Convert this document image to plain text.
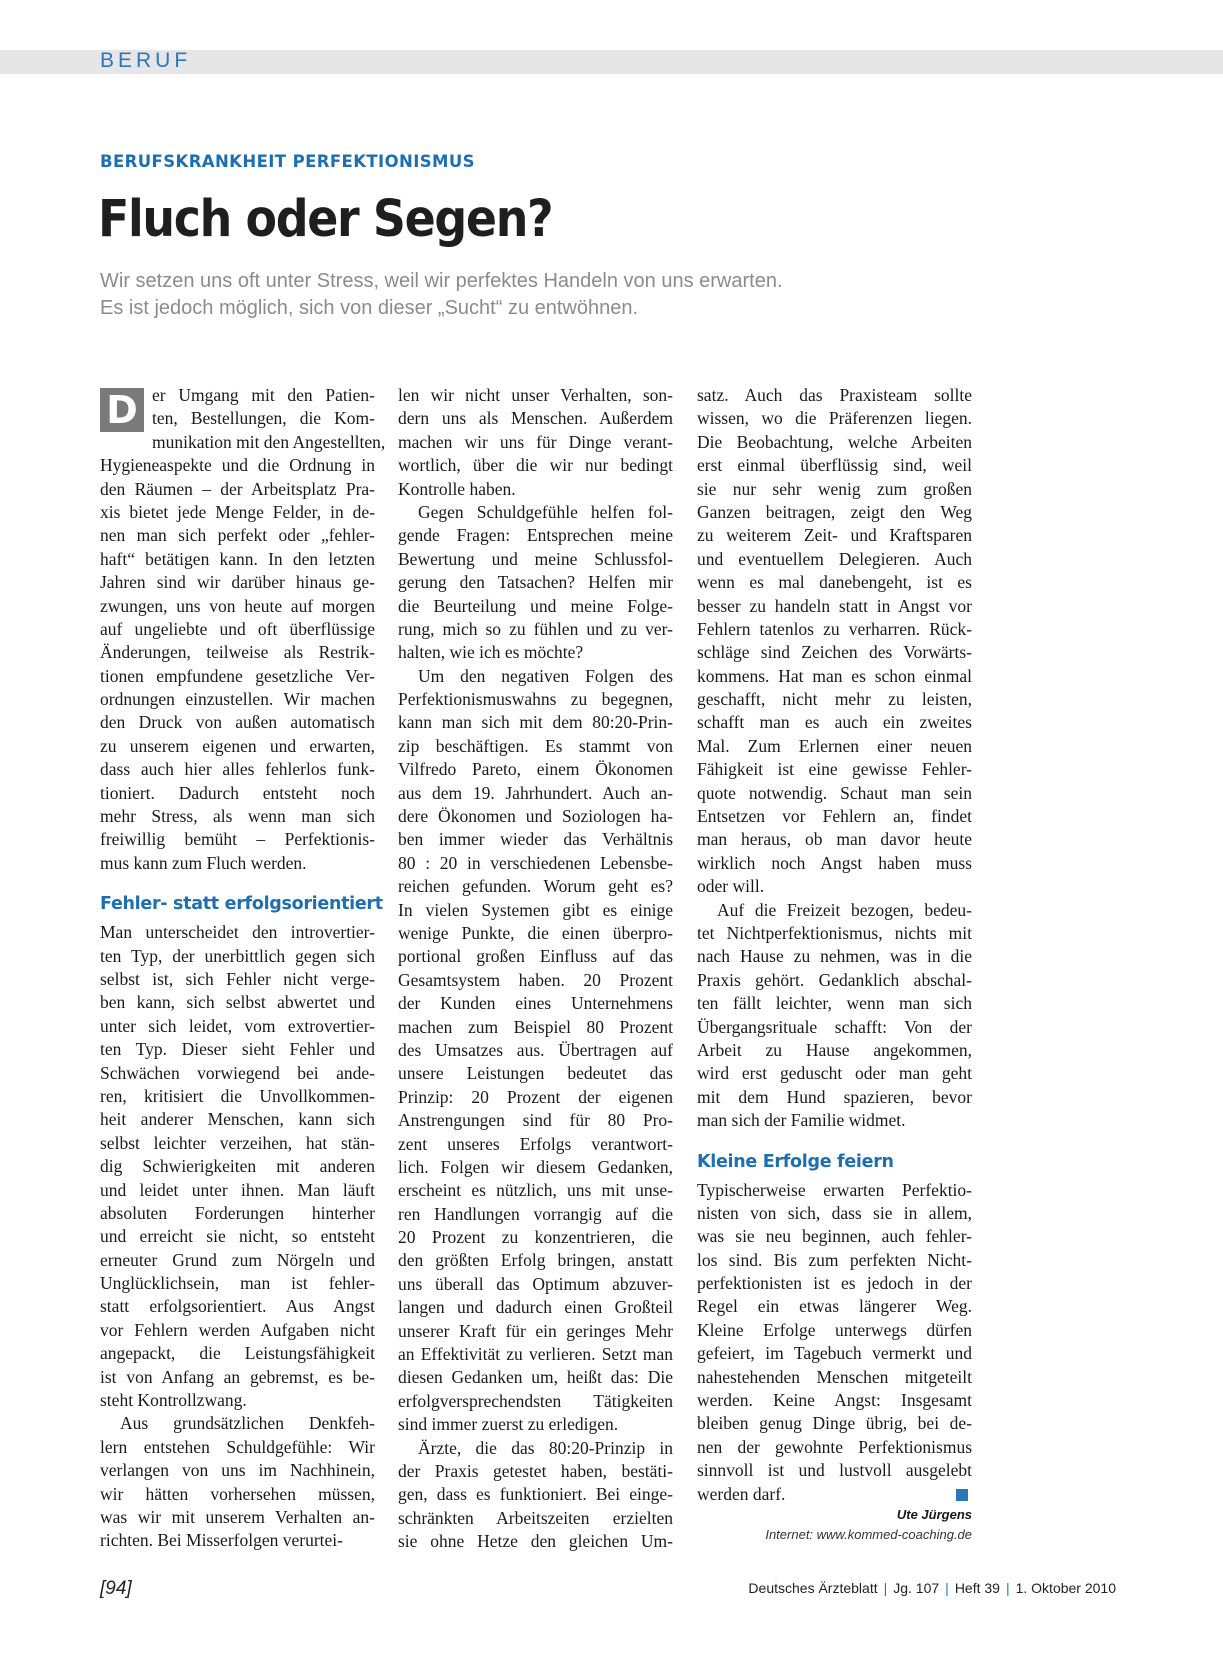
BERUF
BERUFSKRANKHEIT PERFEKTIONISMUS
Fluch oder Segen?
Wir setzen uns oft unter Stress, weil wir perfektes Handeln von uns erwarten.
Es ist jedoch möglich, sich von dieser „Sucht“ zu entwöhnen.
D er Umgang mit den Patien-
ten, Bestellungen, die Kom-
munikation mit den Angestellten,
Hygieneaspekte und die Ordnung in
den Räumen – der Arbeitsplatz Pra-
xis bietet jede Menge Felder, in de-
nen man sich perfekt oder „fehler-
haft“ betätigen kann. In den letzten
Jahren sind wir darüber hinaus ge-
zwungen, uns von heute auf morgen
auf ungeliebte und oft überflüssige
Änderungen, teilweise als Restrik-
tionen empfundene gesetzliche Ver-
ordnungen einzustellen. Wir machen
den Druck von außen automatisch
zu unserem eigenen und erwarten,
dass auch hier alles fehlerlos funk-
tioniert. Dadurch entsteht noch
mehr Stress, als wenn man sich
freiwillig bemüht – Perfektionis-
mus kann zum Fluch werden.
Fehler- statt erfolgsorientiert
Man unterscheidet den introvertier-
ten Typ, der unerbittlich gegen sich
selbst ist, sich Fehler nicht verge-
ben kann, sich selbst abwertet und
unter sich leidet, vom extrovertier-
ten Typ. Dieser sieht Fehler und
Schwächen vorwiegend bei ande-
ren, kritisiert die Unvollkommen-
heit anderer Menschen, kann sich
selbst leichter verzeihen, hat stän-
dig Schwierigkeiten mit anderen
und leidet unter ihnen. Man läuft
absoluten Forderungen hinterher
und erreicht sie nicht, so entsteht
erneuter Grund zum Nörgeln und
Unglücklichsein, man ist fehler-
statt erfolgsorientiert. Aus Angst
vor Fehlern werden Aufgaben nicht
angepackt, die Leistungsfähigkeit
ist von Anfang an gebremst, es be-
steht Kontrollzwang.
Aus grundsätzlichen Denkfeh-
lern entstehen Schuldgefühle: Wir
verlangen von uns im Nachhinein,
wir hätten vorhersehen müssen,
was wir mit unserem Verhalten an-
richten. Bei Misserfolgen verurtei-
len wir nicht unser Verhalten, son-
dern uns als Menschen. Außerdem
machen wir uns für Dinge verant-
wortlich, über die wir nur bedingt
Kontrolle haben.
Gegen Schuldgefühle helfen fol-
gende Fragen: Entsprechen meine
Bewertung und meine Schlussfol-
gerung den Tatsachen? Helfen mir
die Beurteilung und meine Folge-
rung, mich so zu fühlen und zu ver-
halten, wie ich es möchte?
Um den negativen Folgen des
Perfektionismuswahns zu begegnen,
kann man sich mit dem 80:20-Prin-
zip beschäftigen. Es stammt von
Vilfredo Pareto, einem Ökonomen
aus dem 19. Jahrhundert. Auch an-
dere Ökonomen und Soziologen ha-
ben immer wieder das Verhältnis
80 : 20 in verschiedenen Lebensbe-
reichen gefunden. Worum geht es?
In vielen Systemen gibt es einige
wenige Punkte, die einen überpro-
portional großen Einfluss auf das
Gesamtsystem haben. 20 Prozent
der Kunden eines Unternehmens
machen zum Beispiel 80 Prozent
des Umsatzes aus. Übertragen auf
unsere Leistungen bedeutet das
Prinzip: 20 Prozent der eigenen
Anstrengungen sind für 80 Pro-
zent unseres Erfolgs verantwort-
lich. Folgen wir diesem Gedanken,
erscheint es nützlich, uns mit unse-
ren Handlungen vorrangig auf die
20 Prozent zu konzentrieren, die
den größten Erfolg bringen, anstatt
uns überall das Optimum abzuver-
langen und dadurch einen Großteil
unserer Kraft für ein geringes Mehr
an Effektivität zu verlieren. Setzt man
diesen Gedanken um, heißt das: Die
erfolgversprechendsten Tätigkeiten
sind immer zuerst zu erledigen.
Ärzte, die das 80:20-Prinzip in
der Praxis getestet haben, bestäti-
gen, dass es funktioniert. Bei einge-
schränkten Arbeitszeiten erzielten
sie ohne Hetze den gleichen Um-
satz. Auch das Praxisteam sollte
wissen, wo die Präferenzen liegen.
Die Beobachtung, welche Arbeiten
erst einmal überflüssig sind, weil
sie nur sehr wenig zum großen
Ganzen beitragen, zeigt den Weg
zu weiterem Zeit- und Kraftsparen
und eventuellem Delegieren. Auch
wenn es mal danebengeht, ist es
besser zu handeln statt in Angst vor
Fehlern tatenlos zu verharren. Rück-
schläge sind Zeichen des Vorwärts-
kommens. Hat man es schon einmal
geschafft, nicht mehr zu leisten,
schafft man es auch ein zweites
Mal. Zum Erlernen einer neuen
Fähigkeit ist eine gewisse Fehler-
quote notwendig. Schaut man sein
Entsetzen vor Fehlern an, findet
man heraus, ob man davor heute
wirklich noch Angst haben muss
oder will.
Auf die Freizeit bezogen, bedeu-
tet Nichtperfektionismus, nichts mit
nach Hause zu nehmen, was in die
Praxis gehört. Gedanklich abschal-
ten fällt leichter, wenn man sich
Übergangsrituale schafft: Von der
Arbeit zu Hause angekommen,
wird erst geduscht oder man geht
mit dem Hund spazieren, bevor
man sich der Familie widmet.
Kleine Erfolge feiern
Typischerweise erwarten Perfektio-
nisten von sich, dass sie in allem,
was sie neu beginnen, auch fehler-
los sind. Bis zum perfekten Nicht-
perfektionisten ist es jedoch in der
Regel ein etwas längerer Weg.
Kleine Erfolge unterwegs dürfen
gefeiert, im Tagebuch vermerkt und
nahestehenden Menschen mitgeteilt
werden. Keine Angst: Insgesamt
bleiben genug Dinge übrig, bei de-
nen der gewohnte Perfektionismus
sinnvoll ist und lustvoll ausgelebt
werden darf.
Ute Jürgens
Internet: www.kommed-coaching.de
[94]	Deutsches Ärzteblatt | Jg. 107 | Heft 39 | 1. Oktober 2010
